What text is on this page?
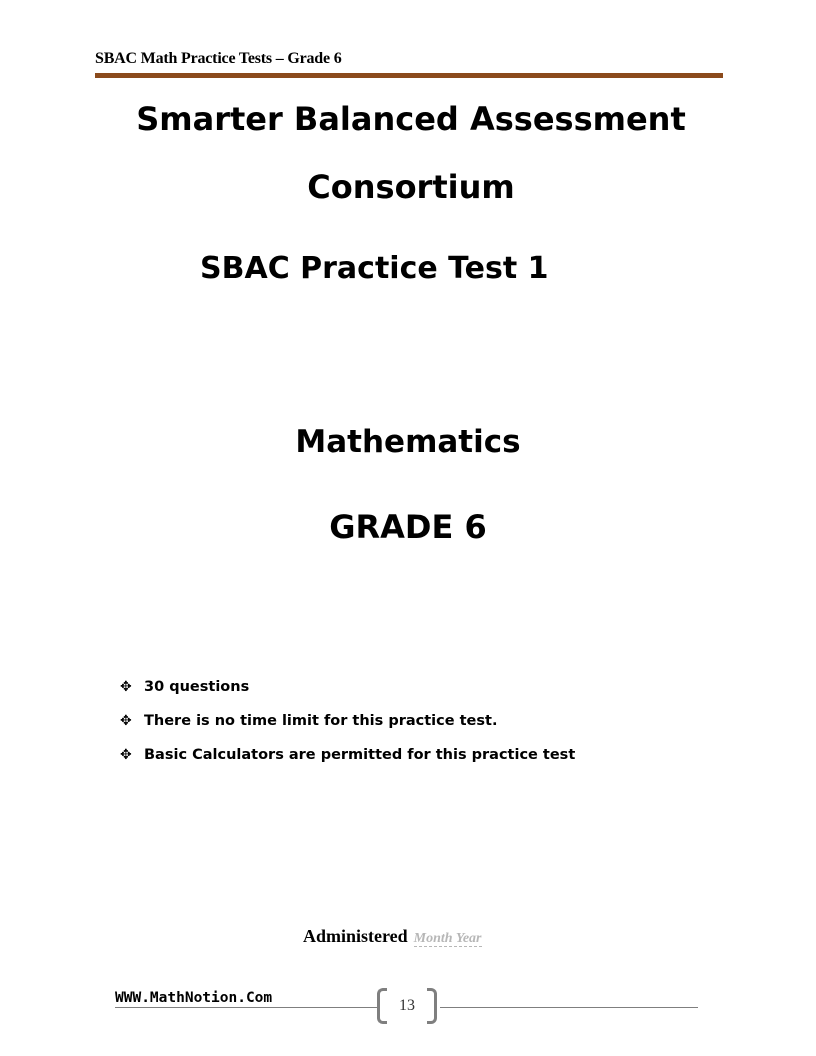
SBAC Math Practice Tests – Grade 6
Smarter Balanced Assessment
Consortium
SBAC Practice Test 1
Mathematics
GRADE 6
✥ 30 questions
✥ There is no time limit for this practice test.
✥ Basic Calculators are permitted for this practice test
Administered Month Year
WWW.MathNotion.Com	13
